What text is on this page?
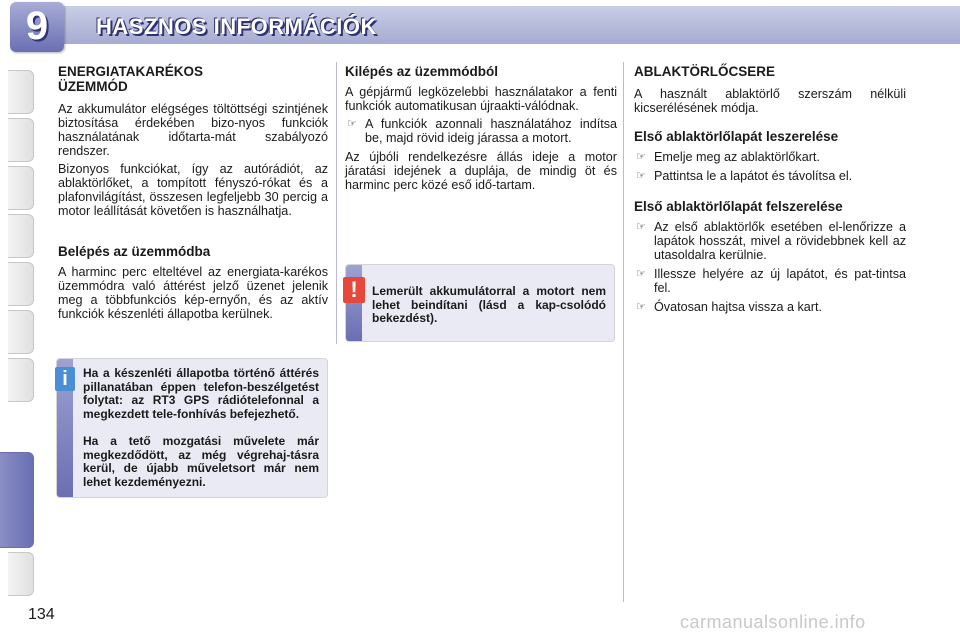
9	HASZNOS INFORMÁCIÓK
ENERGIATAKARÉKOS ÜZEMMÓD

Az akkumulátor elégséges töltöttségi szintjének biztosítása érdekében bizo-nyos funkciók használatának időtarta-mát szabályozó rendszer.

Bizonyos funkciókat, így az autórádiót, az ablaktörlőket, a tompított fényszó-rókat és a plafonvilágítást, összesen legfeljebb 30 percig a motor leállítását követően is használhatja.

Belépés az üzemmódba

A harminc perc elteltével az energiata-karékos üzemmódra való áttérést jelző üzenet jelenik meg a többfunkciós kép-ernyőn, és az aktív funkciók készenléti állapotba kerülnek.

i	Ha a készenléti állapotba történő áttérés pillanatában éppen telefon-beszélgetést folytat: az RT3 GPS rádiótelefonnal a megkezdett tele-fonhívás befejezhető.
Ha a tető mozgatási művelete már megkezdődött, az még végrehaj-tásra kerül, de újabb műveletsort már nem lehet kezdeményezni.
Kilépés az üzemmódból

A gépjármű legközelebbi használatakor a fenti funkciók automatikusan újraakti-válódnak.

☞ A funkciók azonnali használatához indítsa be, majd rövid ideig járassa a motort.

Az újbóli rendelkezésre állás ideje a motor járatási idejének a duplája, de mindig öt és harminc perc közé eső idő-tartam.

!	Lemerült akkumulátorral a motort nem lehet beindítani (lásd a kap-csolódó bekezdést).
ABLAKTÖRLŐCSERE

A használt ablaktörlő szerszám nélküli kicserélésének módja.

Első ablaktörlőlapát leszerelése
☞ Emelje meg az ablaktörlőkart.
☞ Pattintsa le a lapátot és távolítsa el.
Első ablaktörlőlapát felszerelése
☞ Az első ablaktörlők esetében el-lenőrizze a lapátok hosszát, mivel a rövidebbnek kell az utasoldalra kerülnie.
☞ Illessze helyére az új lapátot, és pat-tintsa fel.
☞ Óvatosan hajtsa vissza a kart.
134	carmanualsonline.info
